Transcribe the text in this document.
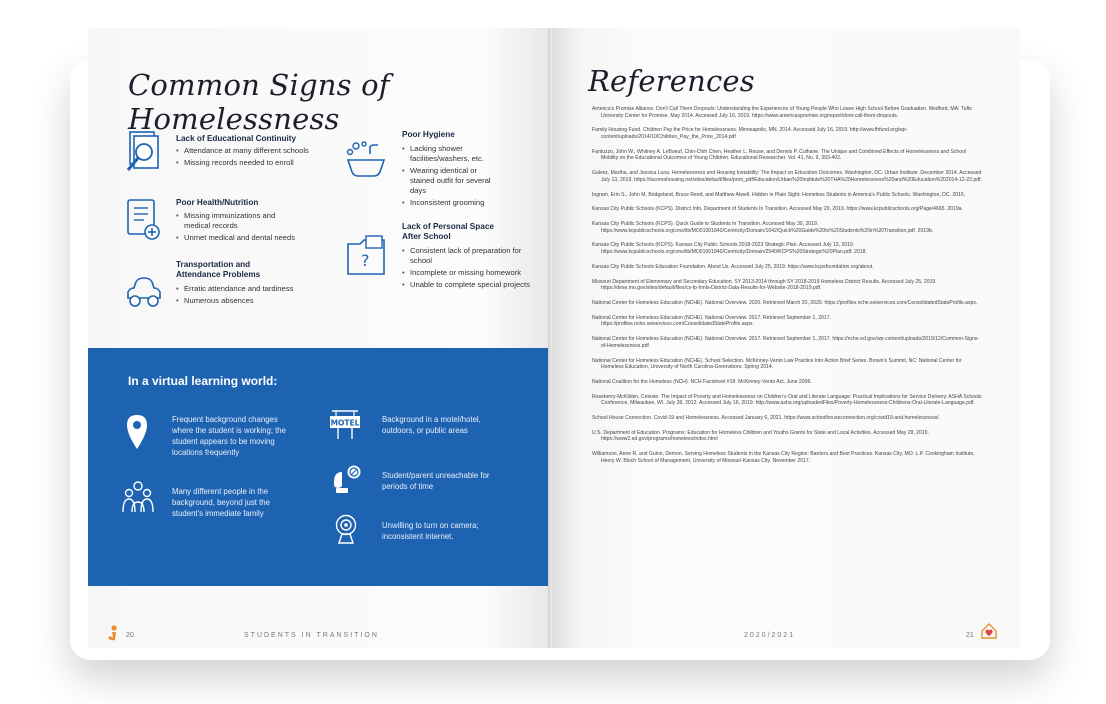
Common Signs of Homelessness
Lack of Educational Continuity
• Attendance at many different schools
• Missing records needed to enroll
Poor Health/Nutrition
• Missing immunizations and medical records
• Unmet medical and dental needs
Transportation and Attendance Problems
• Erratic attendance and tardiness
• Numerous absences
Poor Hygiene
• Lacking shower facilities/washers, etc.
• Wearing identical or stained outfit for several days
• Inconsistent grooming
?
Lack of Personal Space After School
• Consistent lack of preparation for school
• Incomplete or missing homework
• Unable to complete special projects
In a virtual learning world:
Frequent background changes where the student is working; the student appears to be moving locations frequently
Many different people in the background, beyond just the student's immediate family
MOTEL	Background in a motel/hotel, outdoors, or public areas
Student/parent unreachable for periods of time
Unwilling to turn on camera; inconsistent internet.
20	STUDENTS IN TRANSITION
References

America's Promise Alliance. Don't Call Them Dropouts: Understanding the Experiences of Young People Who Leave High School Before Graduation. Medford, MA: Tufts University Center for Promise. May 2014. Accessed July 16, 2019. https://www.americaspromise.org/report/dont-call-them-dropouts.

Family Housing Fund. Children Pay the Price for Homelessness. Minneapolis, MN. 2014. Accessed July 16, 2019. http://www.fhfund.org/wp-content/uploads/2014/10/Children_Pay_the_Price_2014.pdf

Fantuzzo, John W., Whitney A. LeBoeuf, Chin-Chih Chen, Heather L. Rouse, and Dennis P. Culhane. The Unique and Combined Effects of Homelessness and School Mobility on the Educational Outcomes of Young Children. Educational Researcher. Vol. 41, No. 9, 393-402.

Galvez, Martha, and Jessica Luna. Homelessness and Housing Instability: The Impact on Education Outcomes. Washington, DC: Urban Institute. December 2014. Accessed July 13, 2019. https://tacomahousing.net/sites/default/files/print_pdf/Education/Urban%20Institute%20THA%20Homelessness%20and%20Education%202014-12-22.pdf.

Ingram, Erin S., John M. Bridgeland, Bruce Reed, and Matthew Atwell. Hidden in Plain Sight: Homeless Students in America's Public Schools. Washington, DC. 2016.

Kansas City Public Schools (KCPS). District Info, Department of Students In Transition. Accessed May 29, 2019. https://www.kcpublicschools.org/Page/4665. 2019a.

Kansas City Public Schools (KCPS). Quick Guide to Students In Transition. Accessed May 30, 2019. https://www.kcpublicschools.org/cms/lib/MO01001840/Centricity/Domain/1042/Quick%20Guide%20to%20Students%20in%20Transition.pdf. 2019b.

Kansas City Public Schools (KCPS). Kansas City Public Schools 2018-2023 Strategic Plan. Accessed July 13, 2019. https://www.kcpublicschools.org/cms/lib/MO01001840/Centricity/Domain/2540/KCPS%20Strategic%20Plan.pdf. 2018.

Kansas City Public Schools Education Foundation. About Us. Accessed July 25, 2019. https://www.kcpsfoundation.org/about.

Missouri Department of Elementary and Secondary Education. SY 2013-2014 through SY 2018-2019 Homeless District Results. Accessed July 25, 2019. https://dese.mo.gov/sites/default/files/cs-fp-hmls-District-Data-Results-for-Website-2018-2019.pdf.

National Center for Homeless Education (NCHE). National Overview. 2020. Retrieved March 20, 2020. https://profiles.nche.seiservices.com/ConsolidatedStateProfile.aspx.

National Center for Homeless Education (NCHE). National Overview. 2017. Retrieved September 1, 2017. https://profiles.nche.seiservices.com/ConsolidatedStateProfile.aspx.

National Center for Homeless Education (NCHE). National Overview. 2017. Retrieved September 1, 2017. https://nche.ed.gov/wp-content/uploads/2019/12/Common-Signs-of-Homelessness.pdf

National Center for Homeless Education (NCHE). School Selection. McKinney-Vento Law Practice Into Action Brief Series. Brown's Summit, NC: National Center for Homeless Education, University of North Carolina-Greensboro. Spring 2014.

National Coalition for the Homeless (NCH). NCH Factsheet #18: McKinney-Vento Act. June 2006.

Roseberry-McKibbin, Celeste. The Impact of Poverty and Homelessness on Children's Oral and Literate Language: Practical Implications for Service Delivery. ASHA Schools Conference. Milwaukee, WI. July 28, 2012. Accessed July 16, 2019. http://www.asha.org/uploadedFiles/Poverty-Homelessness-Childrens-Oral-Literate-Language.pdf.

School House Connection. Covid-19 and Homelessness. Accessed January 6, 2021. https://www.schoolhouseconnection.org/covid19-and-homelessness/.

U.S. Department of Education. Programs: Education for Homeless Children and Youths Grants for State and Local Activities. Accessed May 29, 2019. https://www2.ed.gov/programs/homeless/index.html

Williamson, Anne R. and Guinn, Demon. Serving Homeless Students in the Kansas City Region: Barriers and Best Practices. Kansas City, MO: L.P. Cookingham Institute, Henry W. Bloch School of Management, University of Missouri-Kansas City. November 2017.

2020/2021	21
